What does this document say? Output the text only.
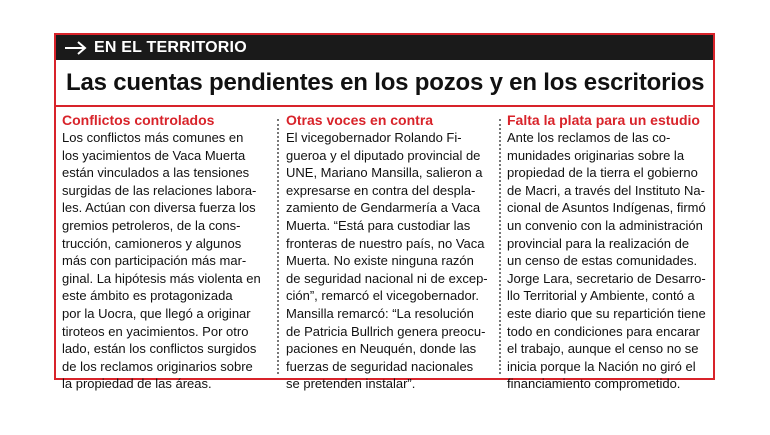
EN EL TERRITORIO
Las cuentas pendientes en los pozos y en los escritorios
Conflictos controlados
Los conflictos más comunes en
los yacimientos de Vaca Muerta
están vinculados a las tensiones
surgidas de las relaciones labora-
les. Actúan con diversa fuerza los
gremios petroleros, de la cons-
trucción, camioneros y algunos
más con participación más mar-
ginal. La hipótesis más violenta en
este ámbito es protagonizada
por la Uocra, que llegó a originar
tiroteos en yacimientos. Por otro
lado, están los conflictos surgidos
de los reclamos originarios sobre
la propiedad de las áreas.
Otras voces en contra
El vicegobernador Rolando Fi-
gueroa y el diputado provincial de
UNE, Mariano Mansilla, salieron a
expresarse en contra del despla-
zamiento de Gendarmería a Vaca
Muerta. “Está para custodiar las
fronteras de nuestro país, no Vaca
Muerta. No existe ninguna razón
de seguridad nacional ni de excep-
ción”, remarcó el vicegobernador.
Mansilla remarcó: “La resolución
de Patricia Bullrich genera preocu-
paciones en Neuquén, donde las
fuerzas de seguridad nacionales
se pretenden instalar”.
Falta la plata para un estudio
Ante los reclamos de las co-
munidades originarias sobre la
propiedad de la tierra el gobierno
de Macri, a través del Instituto Na-
cional de Asuntos Indígenas, firmó
un convenio con la administración
provincial para la realización de
un censo de estas comunidades.
Jorge Lara, secretario de Desarro-
llo Territorial y Ambiente, contó a
este diario que su repartición tiene
todo en condiciones para encarar
el trabajo, aunque el censo no se
inicia porque la Nación no giró el
financiamiento comprometido.
